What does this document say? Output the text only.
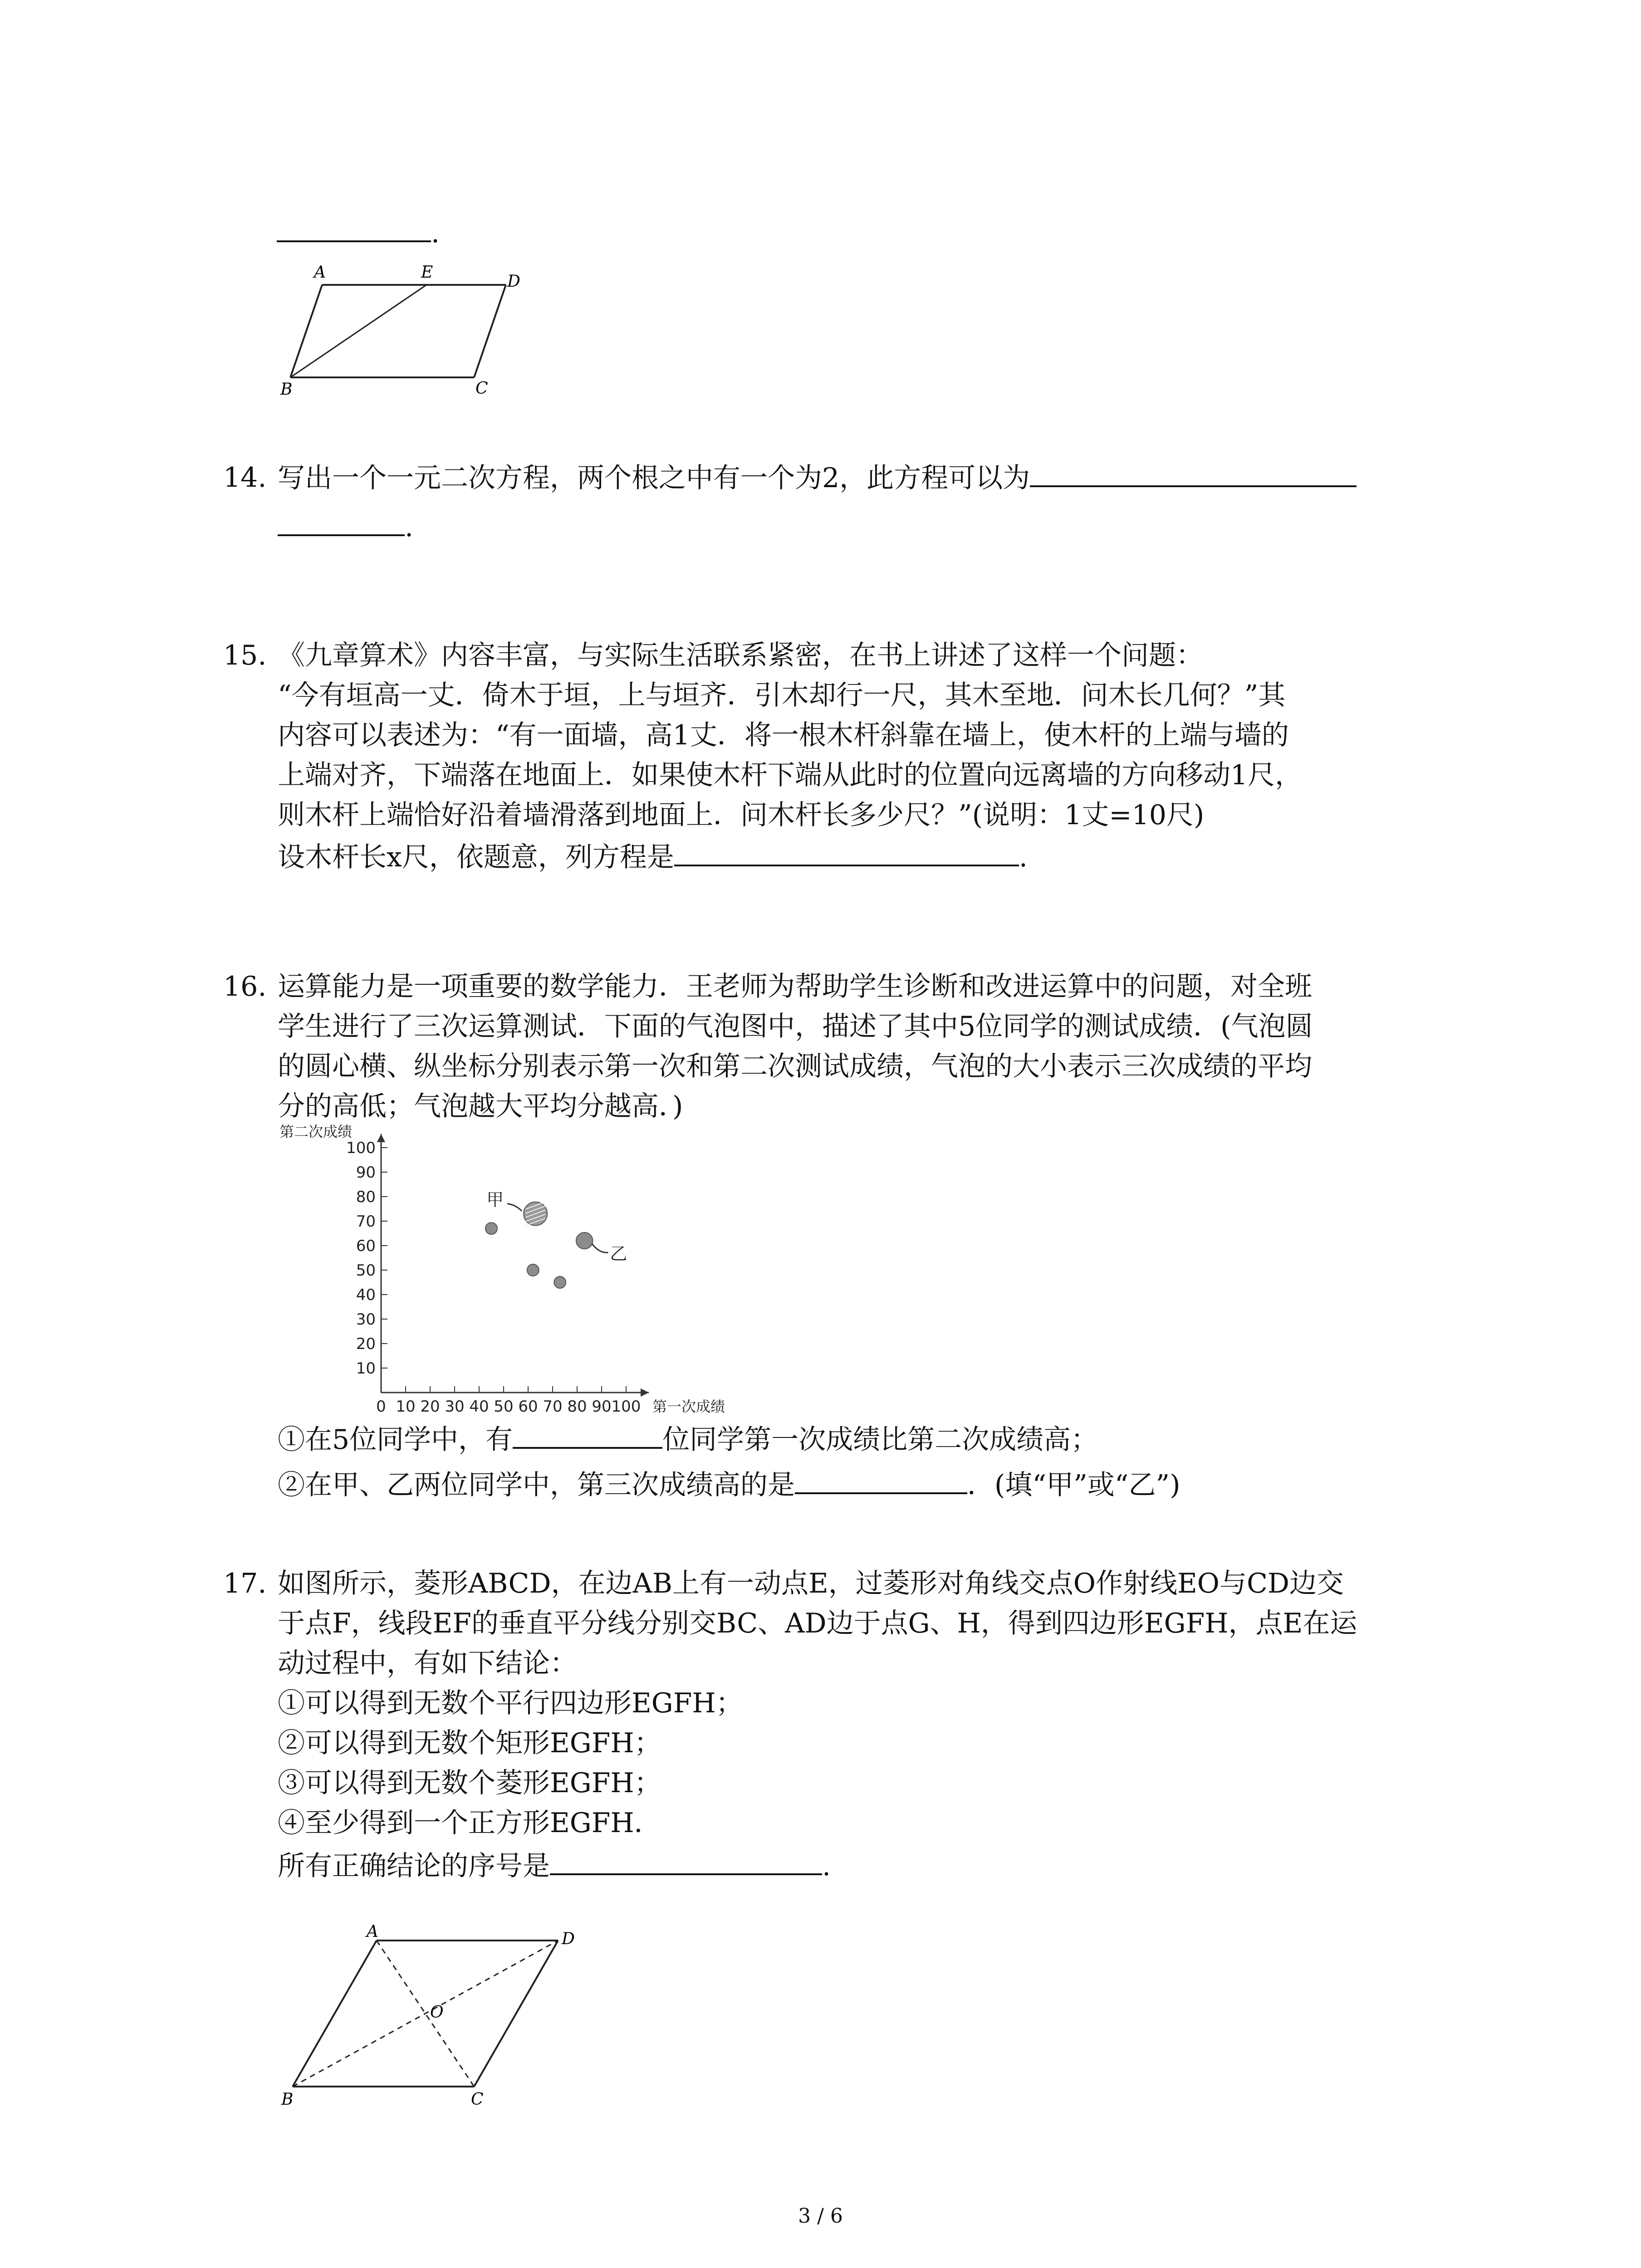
.
A	E	D
B	C
14. 写出一个一元二次方程，两个根之中有一个为2，此方程可以为
.
15. 《九章算术》内容丰富，与实际生活联系紧密，在书上讲述了这样一个问题：
“今有垣高一丈．倚木于垣，上与垣齐．引木却行一尺，其木至地．问木长几何？”其
内容可以表述为：“有一面墙，高1丈．将一根木杆斜靠在墙上，使木杆的上端与墙的
上端对齐，下端落在地面上．如果使木杆下端从此时的位置向远离墙的方向移动1尺，
则木杆上端恰好沿着墙滑落到地面上．问木杆长多少尺？”(说明：1丈=10尺)
设木杆长x尺，依题意，列方程是	.
16. 运算能力是一项重要的数学能力．王老师为帮助学生诊断和改进运算中的问题，对全班
学生进行了三次运算测试．下面的气泡图中，描述了其中5位同学的测试成绩．(气泡圆
的圆心横、纵坐标分别表示第一次和第二次测试成绩，气泡的大小表示三次成绩的平均
分的高低；气泡越大平均分越高．)
第二次成绩
10
20
30
40
50
60
70
80
90
100
0 10 20 30 40 50 60 70 80 90 100
甲
乙
第一次成绩
①在5位同学中，有	位同学第一次成绩比第二次成绩高；
②在甲、乙两位同学中，第三次成绩高的是	．(填“甲”或“乙”)
17. 如图所示，菱形ABCD，在边AB上有一动点E，过菱形对角线交点O作射线EO与CD边交
于点F，线段EF的垂直平分线分别交BC、AD边于点G、H，得到四边形EGFH，点E在运
动过程中，有如下结论：
①可以得到无数个平行四边形EGFH；
②可以得到无数个矩形EGFH；
③可以得到无数个菱形EGFH；
④至少得到一个正方形EGFH．
所有正确结论的序号是	.
A	D
O
B	C
3 / 6
